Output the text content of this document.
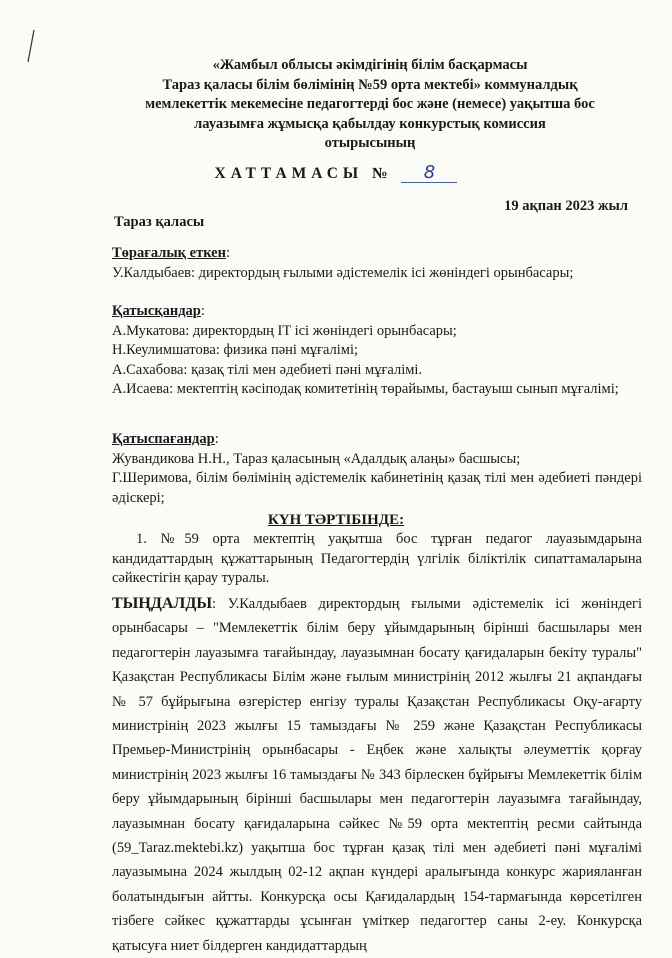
«Жамбыл облысы әкімдігінің білім басқармасы
Тараз қаласы білім бөлімінің №59 орта мектебі» коммуналдық
мемлекеттік мекемесіне педагогтерді бос және (немесе) уақытша бос
лауазымға жұмысқа қабылдау конкурстық комиссия
отырысының
ХАТТАМАСЫ № 8
19 ақпан 2023 жыл
Тараз қаласы
Төрағалық еткен:
У.Калдыбаев: директордың ғылыми әдістемелік ісі жөніндегі орынбасары;
Қатысқандар:
А.Мукатова: директордың IT ісі жөніндегі орынбасары;
Н.Кеулимшатова: физика пәні мұғалімі;
А.Сахабова: қазақ тілі мен әдебиеті пәні мұғалімі.
А.Исаева: мектептің кәсіподақ комитетінің төрайымы, бастауыш сынып мұғалімі;
Қатыспағандар:
Жувандикова Н.Н., Тараз қаласының «Адалдық алаңы» басшысы;
Г.Шеримова, білім бөлімінің әдістемелік кабинетінің қазақ тілі мен әдебиеті пәндері әдіскері;
КҮН ТӘРТІБІНДЕ:
1. №59 орта мектептің уақытша бос тұрған педагог лауазымдарына кандидаттардың құжаттарының Педагогтердің үлгілік біліктілік сипаттамаларына сәйкестігін қарау туралы.
ТЫҢДАЛДЫ: У.Калдыбаев директордың ғылыми әдістемелік ісі жөніндегі орынбасары – "Мемлекеттік білім беру ұйымдарының бірінші басшылары мен педагогтерін лауазымға тағайындау, лауазымнан босату қағидаларын бекіту туралы" Қазақстан Республикасы Білім және ғылым министрінің 2012 жылғы 21 ақпандағы № 57 бұйрығына өзгерістер енгізу туралы Қазақстан Республикасы Оқу-ағарту министрінің 2023 жылғы 15 тамыздағы № 259 және Қазақстан Республикасы Премьер-Министрінің орынбасары - Еңбек және халықты әлеуметтік қорғау министрінің 2023 жылғы 16 тамыздағы № 343 бірлескен бұйрығы Мемлекеттік білім беру ұйымдарының бірінші басшылары мен педагогтерін лауазымға тағайындау, лауазымнан босату қағидаларына сәйкес №59 орта мектептің ресми сайтында (59_Taraz.mektebi.kz) уақытша бос тұрған қазақ тілі мен әдебиеті пәні мұғалімі лауазымына 2024 жылдың 02-12 ақпан күндері аралығында конкурс жарияланған болатындығын айтты. Конкурсқа осы Қағидалардың 154-тармағында көрсетілген тізбеге сәйкес құжаттарды ұсынған үміткер педагогтер саны 2-еу. Конкурсқа қатысуға ниет білдерген кандидаттардың
